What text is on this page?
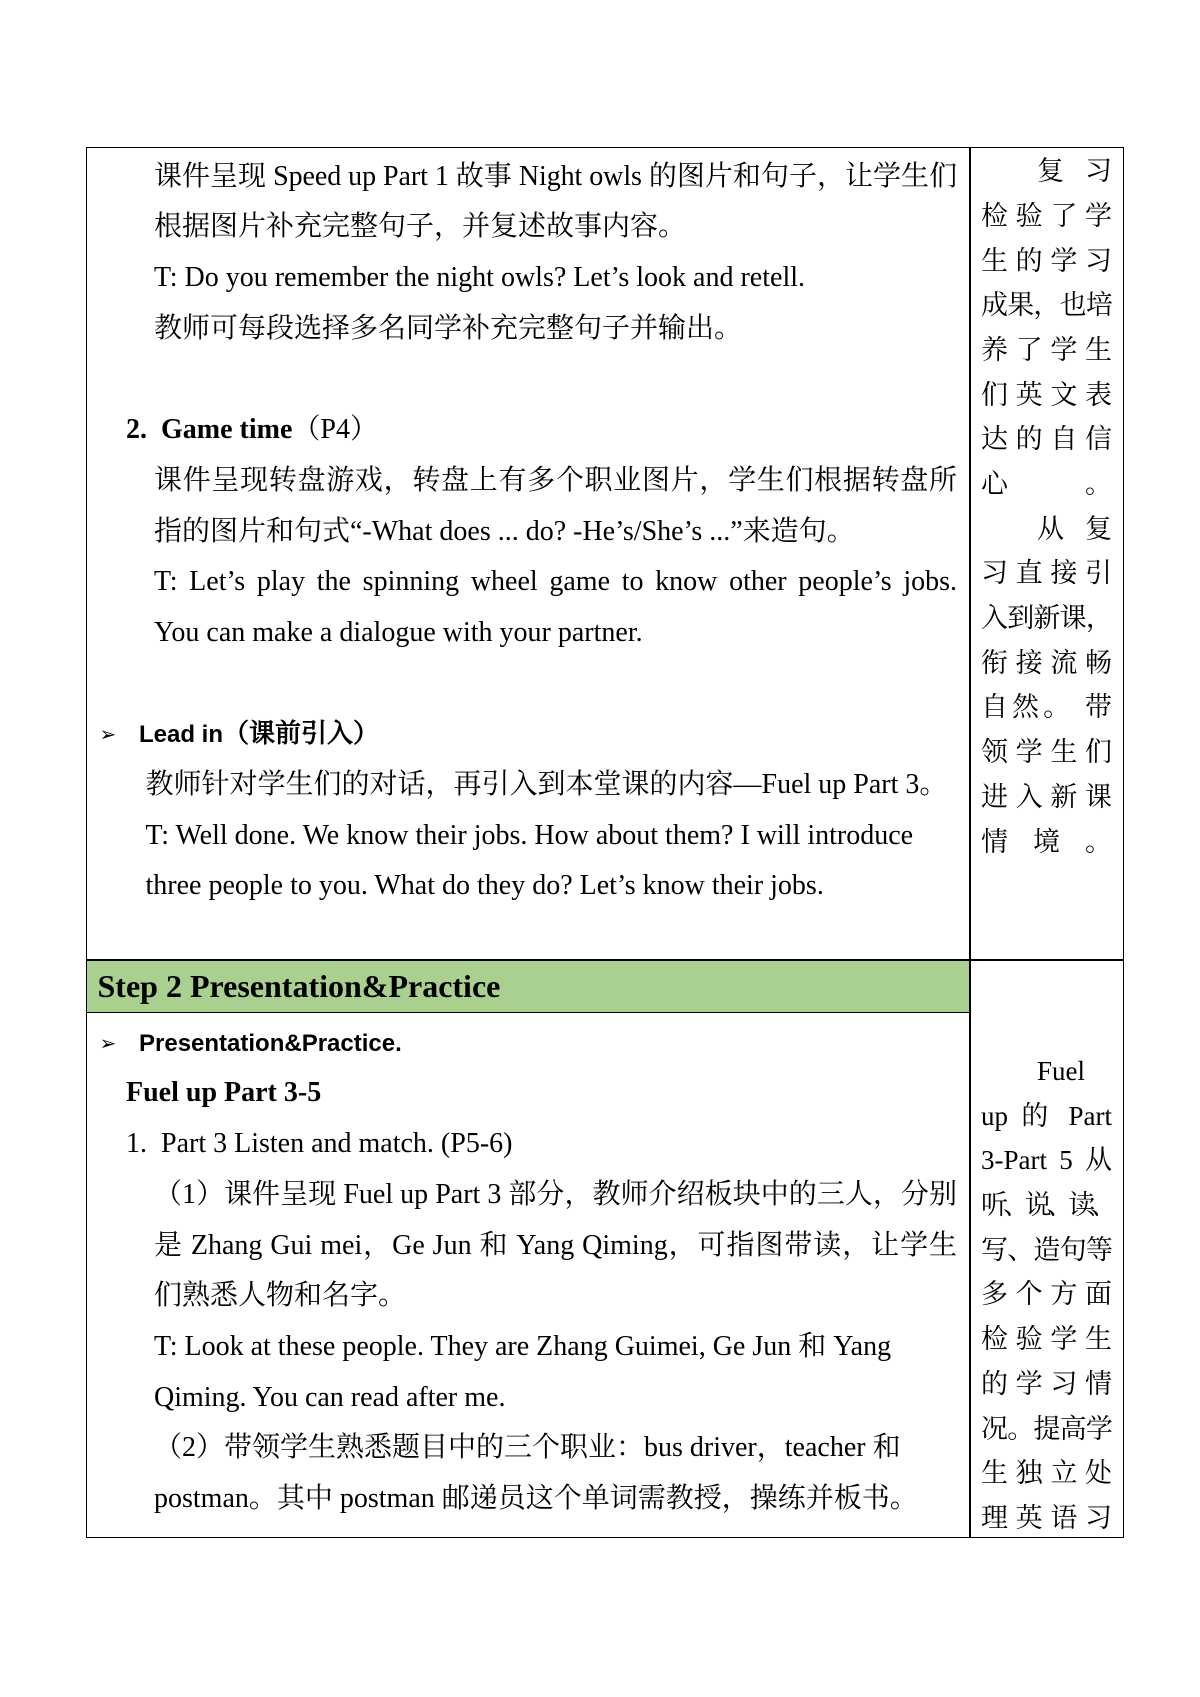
课件呈现 Speed up Part 1 故事 Night owls 的图片和句子，让学生们
根据图片补充完整句子，并复述故事内容。
T: Do you remember the night owls? Let’s look and retell.
教师可每段选择多名同学补充完整句子并输出。
2. Game time（P4）
课件呈现转盘游戏，转盘上有多个职业图片，学生们根据转盘所
指的图片和句式“-What does ... do? -He’s/She’s ...”来造句。
T: Let’s play the spinning wheel game to know other people’s jobs.
You can make a dialogue with your partner.
➢
Lead in（课前引入）
教师针对学生们的对话，再引入到本堂课的内容—Fuel up Part 3。
T: Well done. We know their jobs. How about them? I will introduce
three people to you. What do they do? Let’s know their jobs.
复习
检验了学
生的学习
成果，也培
养了学生
们英文表
达的自信
心。
从复
习直接引
入到新课，
衔接流畅
自然。 带
领学生们
进入新课
情境。
Step 2 Presentation&Practice
➢
Presentation&Practice.
Fuel up Part 3-5
1. Part 3 Listen and match. (P5-6)
（1）课件呈现 Fuel up Part 3 部分，教师介绍板块中的三人，分别
是 Zhang Gui mei，Ge Jun 和 Yang Qiming，可指图带读，让学生
们熟悉人物和名字。
T: Look at these people. They are Zhang Guimei, Ge Jun 和 Yang
Qiming. You can read after me.
（2）带领学生熟悉题目中的三个职业：bus driver，teacher 和
postman。其中 postman 邮递员这个单词需教授，操练并板书。
Fuel
up 的 Part
3-Part 5 从
听、说、读、
写、造句等
多个方面
检验学生
的学习情
况。提高学
生独立处
理英语习
